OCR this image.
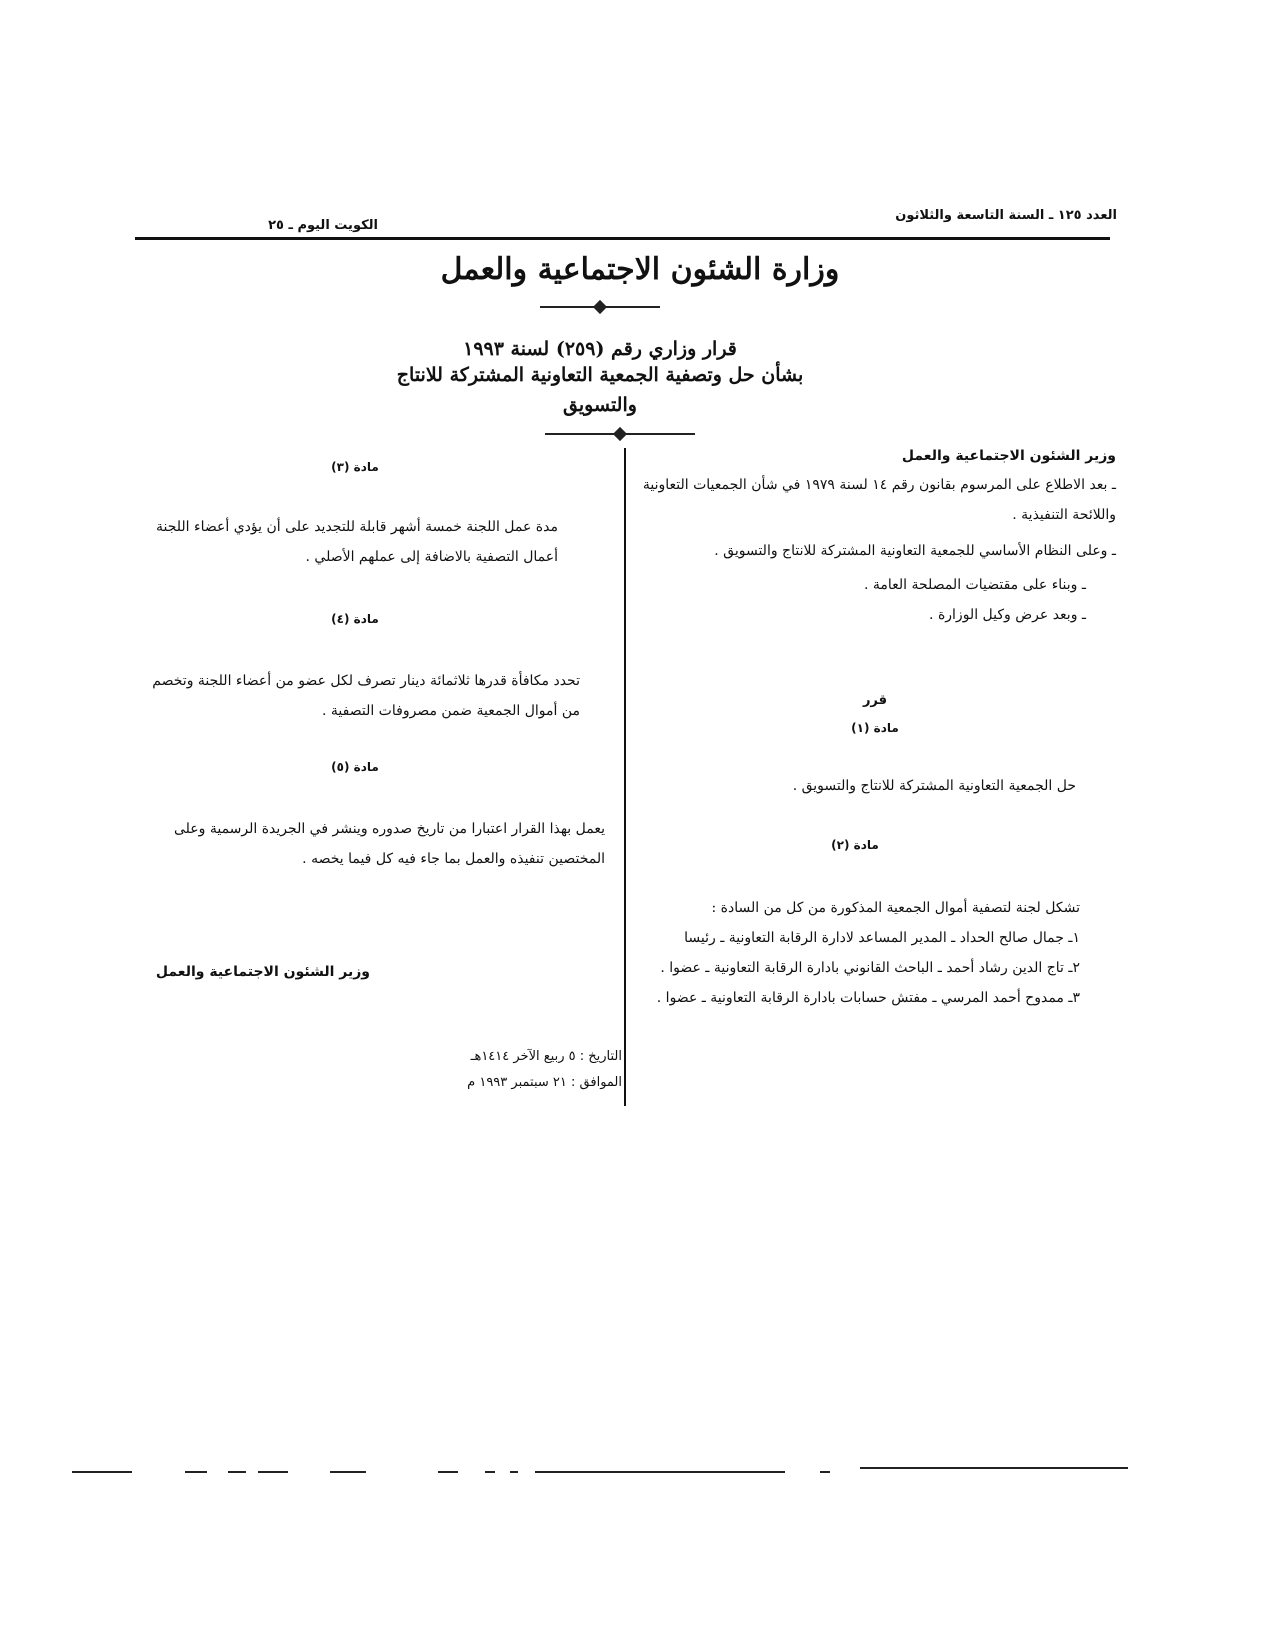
العدد ١٢٥ ـ السنة التاسعة والثلاثون
الكويت اليوم ـ ٢٥
وزارة الشئون الاجتماعية والعمل
قرار وزاري رقم (٢٥٩) لسنة ١٩٩٣
بشأن حل وتصفية الجمعية التعاونية المشتركة للانتاج
والتسويق
وزير الشئون الاجتماعية والعمل

ـ بعد الاطلاع على المرسوم بقانون رقم ١٤ لسنة ١٩٧٩ في شأن الجمعيات التعاونية واللائحة التنفيذية .

ـ وعلى النظام الأساسي للجمعية التعاونية المشتركة للانتاج والتسويق .

ـ وبناء على مقتضيات المصلحة العامة .

ـ وبعد عرض وكيل الوزارة .

قرر
مادة (١)
حل الجمعية التعاونية المشتركة للانتاج والتسويق .
مادة (٢)

تشكل لجنة لتصفية أموال الجمعية المذكورة من كل من السادة :

١ـ جمال صالح الحداد ـ المدير المساعد لادارة الرقابة التعاونية ـ رئيسا

٢ـ تاج الدين رشاد أحمد ـ الباحث القانوني بادارة الرقابة التعاونية ـ عضوا .

٣ـ ممدوح أحمد المرسي ـ مفتش حسابات بادارة الرقابة التعاونية ـ عضوا .

مادة (٣)
مدة عمل اللجنة خمسة أشهر قابلة للتجديد على أن يؤدي أعضاء اللجنة أعمال التصفية بالاضافة إلى عملهم الأصلي .
مادة (٤)
تحدد مكافأة قدرها ثلاثمائة دينار تصرف لكل عضو من أعضاء اللجنة وتخصم من أموال الجمعية ضمن مصروفات التصفية .
مادة (٥)
يعمل بهذا القرار اعتبارا من تاريخ صدوره وينشر في الجريدة الرسمية وعلى المختصين تنفيذه والعمل بما جاء فيه كل فيما يخصه .
وزير الشئون الاجتماعية والعمل
التاريخ : ٥ ربيع الآخر ١٤١٤هـ
الموافق : ٢١ سبتمبر ١٩٩٣ م
